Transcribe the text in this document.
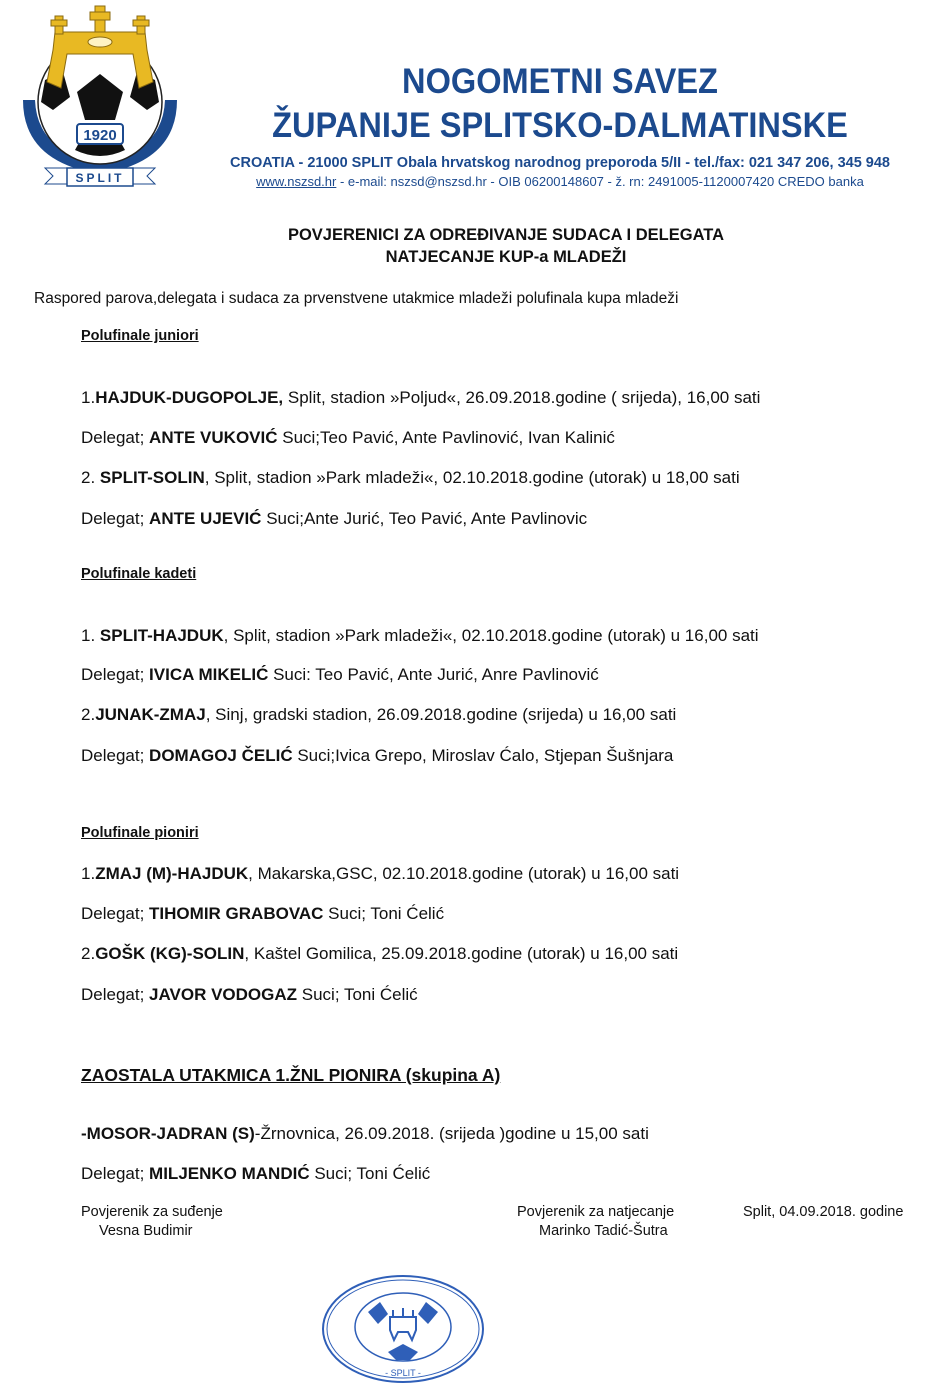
1920
SPLIT
NOGOMETNI SAVEZ
ŽUPANIJE SPLITSKO-DALMATINSKE
CROATIA - 21000 SPLIT Obala hrvatskog narodnog preporoda 5/II - tel./fax: 021 347 206, 345 948
www.nszsd.hr - e-mail: nszsd@nszsd.hr - OIB 06200148607 - ž. rn: 2491005-1120007420 CREDO banka
POVJERENICI ZA ODREĐIVANJE SUDACA I DELEGATA
NATJECANJE KUP-a MLADEŽI
Raspored parova,delegata i sudaca za prvenstvene utakmice mladeži polufinala kupa mladeži
Polufinale juniori
1.HAJDUK-DUGOPOLJE, Split, stadion »Poljud«, 26.09.2018.godine ( srijeda), 16,00 sati
Delegat; ANTE VUKOVIĆ Suci;Teo Pavić, Ante Pavlinović, Ivan Kalinić
2. SPLIT-SOLIN, Split, stadion »Park mladeži«, 02.10.2018.godine (utorak) u 18,00 sati
Delegat; ANTE UJEVIĆ Suci;Ante Jurić, Teo Pavić, Ante Pavlinovic
Polufinale kadeti
1. SPLIT-HAJDUK, Split, stadion »Park mladeži«, 02.10.2018.godine (utorak) u 16,00 sati
Delegat; IVICA MIKELIĆ Suci: Teo Pavić, Ante Jurić, Anre Pavlinović
2.JUNAK-ZMAJ, Sinj, gradski stadion, 26.09.2018.godine (srijeda) u 16,00 sati
Delegat; DOMAGOJ ČELIĆ Suci;Ivica Grepo, Miroslav Ćalo, Stjepan Šušnjara
Polufinale pioniri
1.ZMAJ (M)-HAJDUK, Makarska,GSC, 02.10.2018.godine (utorak) u 16,00 sati
Delegat; TIHOMIR GRABOVAC Suci; Toni Ćelić
2.GOŠK (KG)-SOLIN, Kaštel Gomilica, 25.09.2018.godine (utorak) u 16,00 sati
Delegat; JAVOR VODOGAZ Suci; Toni Ćelić
ZAOSTALA UTAKMICA 1.ŽNL PIONIRA (skupina A)
-MOSOR-JADRAN (S)-Žrnovnica, 26.09.2018. (srijeda )godine u 15,00 sati
Delegat; MILJENKO MANDIĆ Suci; Toni Ćelić
Povjerenik za suđenje
Vesna Budimir
Povjerenik za natjecanje
Marinko Tadić-Šutra
Split, 04.09.2018. godine
- SPLIT -
